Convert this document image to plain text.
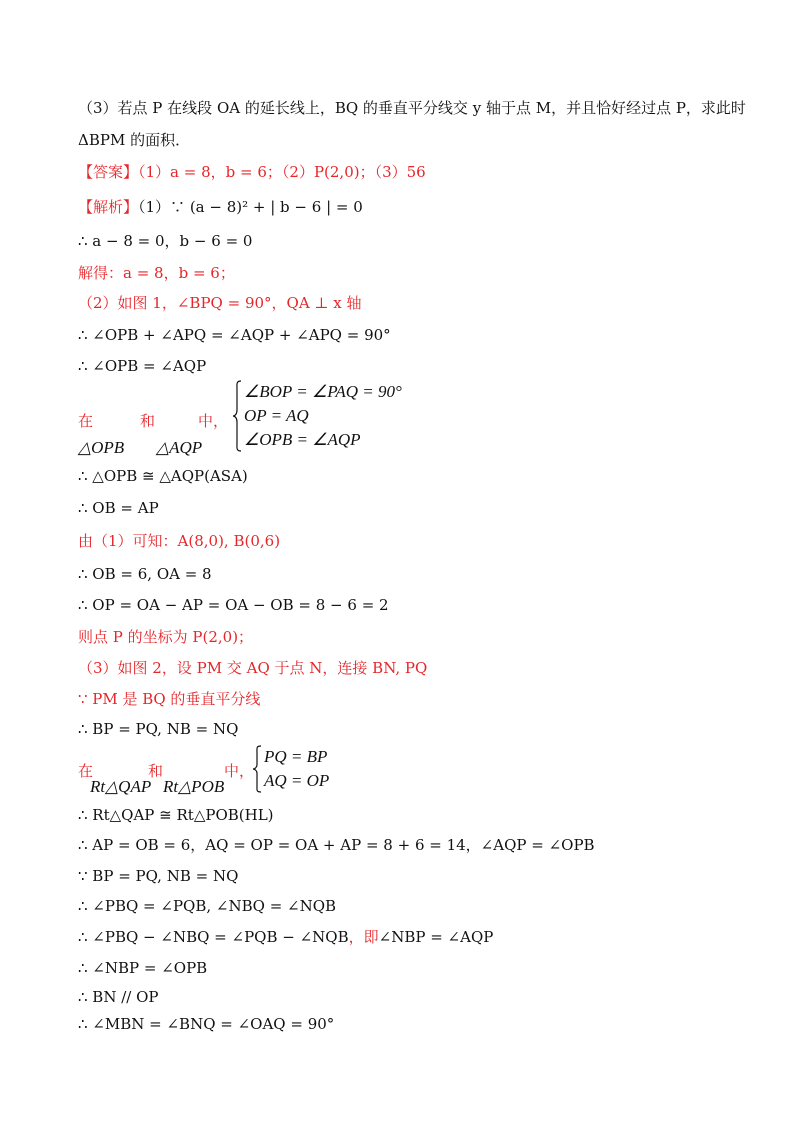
（3）若点 P 在线段 OA 的延长线上，BQ 的垂直平分线交 y 轴于点 M，并且恰好经过点 P，求此时
ΔBPM 的面积．
【答案】（1）a = 8，b = 6；（2）P(2,0)；（3）56
【解析】（1）∵ (a − 8)² + | b − 6 | = 0
∴ a − 8 = 0，b − 6 = 0
解得：a = 8，b = 6；
（2）如图 1，∠BPQ = 90°，QA ⊥ x 轴
∴ ∠OPB + ∠APQ = ∠AQP + ∠APQ = 90°
∴ ∠OPB = ∠AQP
在	和	中，
△OPB △AQP
∠BOP = ∠PAQ = 90°
OP = AQ
∠OPB = ∠AQP
∴ △OPB ≅ △AQP(ASA)
∴ OB = AP
由（1）可知：A(8,0), B(0,6)
∴ OB = 6, OA = 8
∴ OP = OA − AP = OA − OB = 8 − 6 = 2
则点 P 的坐标为 P(2,0)；
（3）如图 2，设 PM 交 AQ 于点 N，连接 BN, PQ
∵ PM 是 BQ 的垂直平分线
∴ BP = PQ, NB = NQ
在	和	中，
Rt△QAP Rt△POB
PQ = BP
AQ = OP
∴ Rt△QAP ≅ Rt△POB(HL)
∴ AP = OB = 6，AQ = OP = OA + AP = 8 + 6 = 14，∠AQP = ∠OPB
∵ BP = PQ, NB = NQ
∴ ∠PBQ = ∠PQB, ∠NBQ = ∠NQB
∴ ∠PBQ − ∠NBQ = ∠PQB − ∠NQB，即∠NBP = ∠AQP
∴ ∠NBP = ∠OPB
∴ BN // OP
∴ ∠MBN = ∠BNQ = ∠OAQ = 90°
